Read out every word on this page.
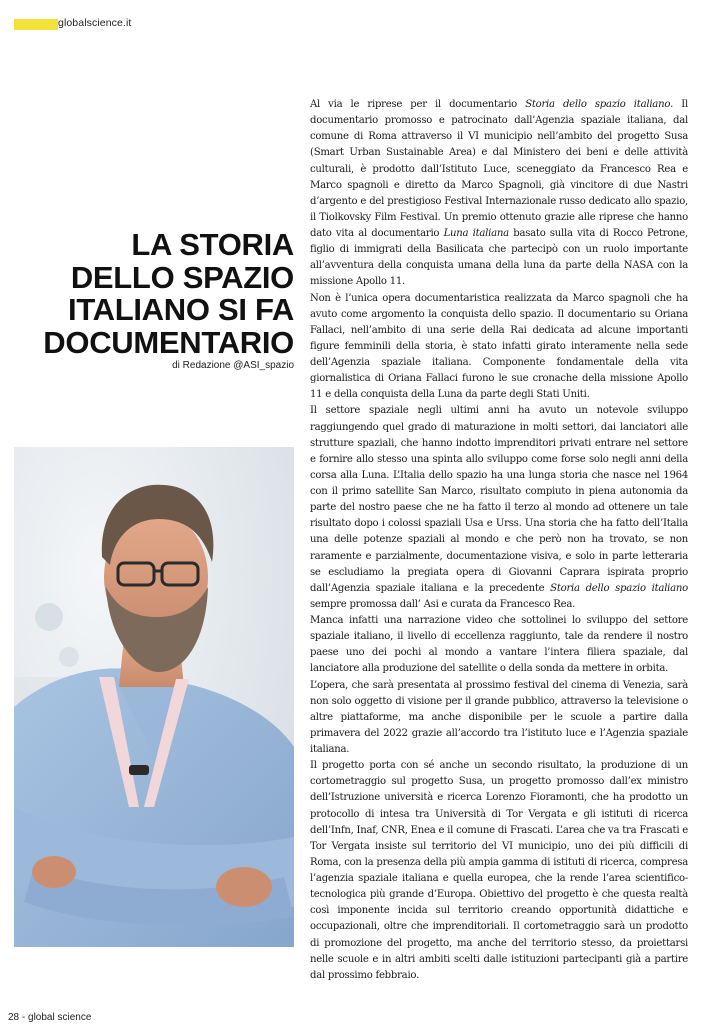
globalscience.it
LA STORIA
DELLO SPAZIO
ITALIANO SI FA
DOCUMENTARIO
di Redazione @ASI_spazio

Al via le riprese per il documentario Storia dello spazio italiano. Il documentario promosso e patrocinato dall’Agenzia spaziale italiana, dal comune di Roma attraverso il VI municipio nell’ambito del progetto Susa (Smart Urban Sustainable Area) e dal Ministero dei beni e delle attività culturali, è prodotto dall’Istituto Luce, sceneggiato da Francesco Rea e Marco spagnoli e diretto da Marco Spagnoli, già vincitore di due Nastri d’argento e del prestigioso Festival Internazionale russo dedicato allo spazio, il Tiolkovsky Film Festival. Un premio ottenuto grazie alle riprese che hanno dato vita al documentario Luna italiana basato sulla vita di Rocco Petrone, figlio di immigrati della Basilicata che partecipò con un ruolo importante all’avventura della conquista umana della luna da parte della NASA con la missione Apollo 11.

Non è l’unica opera documentaristica realizzata da Marco spagnoli che ha avuto come argomento la conquista dello spazio. Il documentario su Oriana Fallaci, nell’ambito di una serie della Rai dedicata ad alcune importanti figure femminili della storia, è stato infatti girato interamente nella sede dell’Agenzia spaziale italiana. Componente fondamentale della vita giornalistica di Oriana Fallaci furono le sue cronache della missione Apollo 11 e della conquista della Luna da parte degli Stati Uniti.

Il settore spaziale negli ultimi anni ha avuto un notevole sviluppo raggiungendo quel grado di maturazione in molti settori, dai lanciatori alle strutture spaziali, che hanno indotto imprenditori privati entrare nel settore e fornire allo stesso una spinta allo sviluppo come forse solo negli anni della corsa alla Luna. L’Italia dello spazio ha una lunga storia che nasce nel 1964 con il primo satellite San Marco, risultato compiuto in piena autonomia da parte del nostro paese che ne ha fatto il terzo al mondo ad ottenere un tale risultato dopo i colossi spaziali Usa e Urss. Una storia che ha fatto dell’Italia una delle potenze spaziali al mondo e che però non ha trovato, se non raramente e parzialmente, documentazione visiva, e solo in parte letteraria se escludiamo la pregiata opera di Giovanni Caprara ispirata proprio dall’Agenzia spaziale italiana e la precedente Storia dello spazio italiano sempre promossa dall’ Asi e curata da Francesco Rea.

Manca infatti una narrazione video che sottolinei lo sviluppo del settore spaziale italiano, il livello di eccellenza raggiunto, tale da rendere il nostro paese uno dei pochi al mondo a vantare l’intera filiera spaziale, dal lanciatore alla produzione del satellite o della sonda da mettere in orbita.

L’opera, che sarà presentata al prossimo festival del cinema di Venezia, sarà non solo oggetto di visione per il grande pubblico, attraverso la televisione o altre piattaforme, ma anche disponibile per le scuole a partire dalla primavera del 2022 grazie all’accordo tra l’istituto luce e l’Agenzia spaziale italiana.

Il progetto porta con sé anche un secondo risultato, la produzione di un cortometraggio sul progetto Susa, un progetto promosso dall’ex ministro dell’Istruzione università e ricerca Lorenzo Fioramonti, che ha prodotto un protocollo di intesa tra Università di Tor Vergata e gli istituti di ricerca dell’Infn, Inaf, CNR, Enea e il comune di Frascati. L’area che va tra Frascati e Tor Vergata insiste sul territorio del VI municipio, uno dei più difficili di Roma, con la presenza della più ampia gamma di istituti di ricerca, compresa l’agenzia spaziale italiana e quella europea, che la rende l’area scientifico-tecnologica più grande d’Europa. Obiettivo del progetto è che questa realtà così imponente incida sul territorio creando opportunità didattiche e occupazionali, oltre che imprenditoriali. Il cortometraggio sarà un prodotto di promozione del progetto, ma anche del territorio stesso, da proiettarsi nelle scuole e in altri ambiti scelti dalle istituzioni partecipanti già a partire dal prossimo febbraio.

28 - global science
